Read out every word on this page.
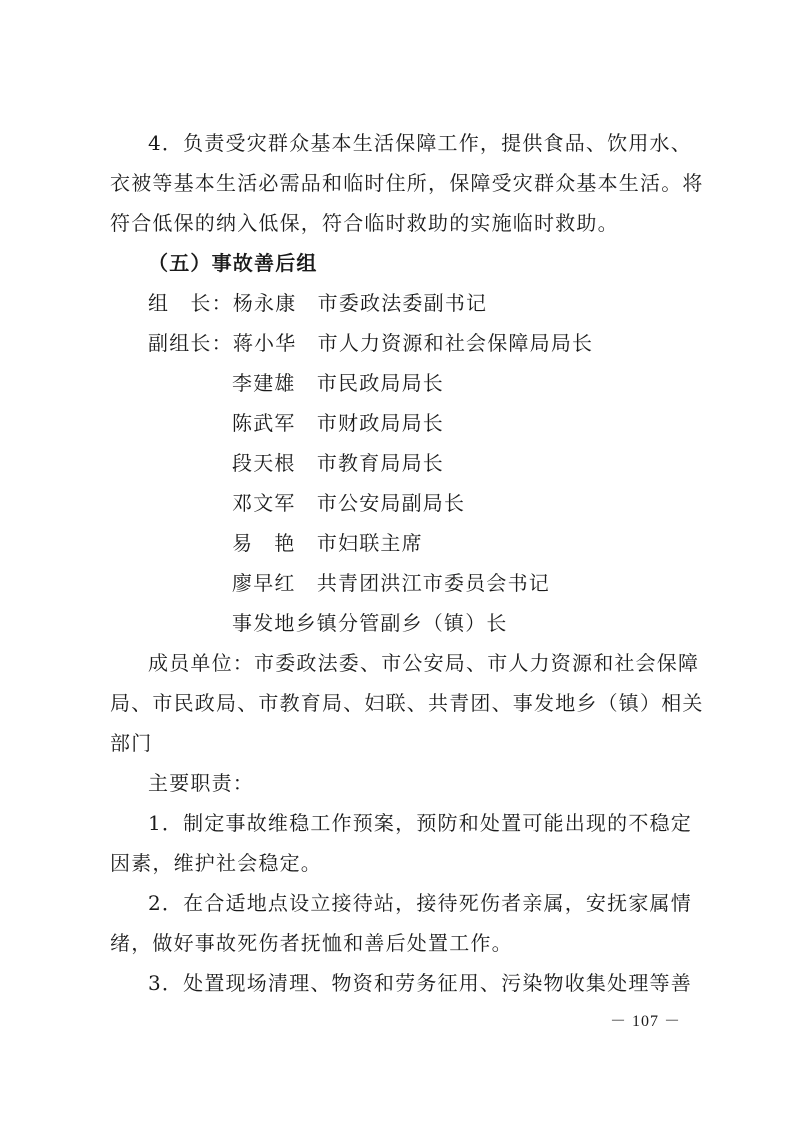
4．负责受灾群众基本生活保障工作，提供食品、饮用水、
衣被等基本生活必需品和临时住所，保障受灾群众基本生活。将
符合低保的纳入低保，符合临时救助的实施临时救助。
（五）事故善后组
组　长：杨永康　 市委政法委副书记
副组长：蒋小华　 市人力资源和社会保障局局长
李建雄　 市民政局局长
陈武军　 市财政局局长
段天根　 市教育局局长
邓文军　 市公安局副局长
易　艳　 市妇联主席
廖早红　 共青团洪江市委员会书记
事发地乡镇分管副乡（镇）长
成员单位：市委政法委、市公安局、市人力资源和社会保障
局、市民政局、市教育局、妇联、共青团、事发地乡（镇）相关
部门
主要职责：
1．制定事故维稳工作预案，预防和处置可能出现的不稳定
因素，维护社会稳定。
2．在合适地点设立接待站，接待死伤者亲属，安抚家属情
绪，做好事故死伤者抚恤和善后处置工作。
3．处置现场清理、物资和劳务征用、污染物收集处理等善
－ 107 －
